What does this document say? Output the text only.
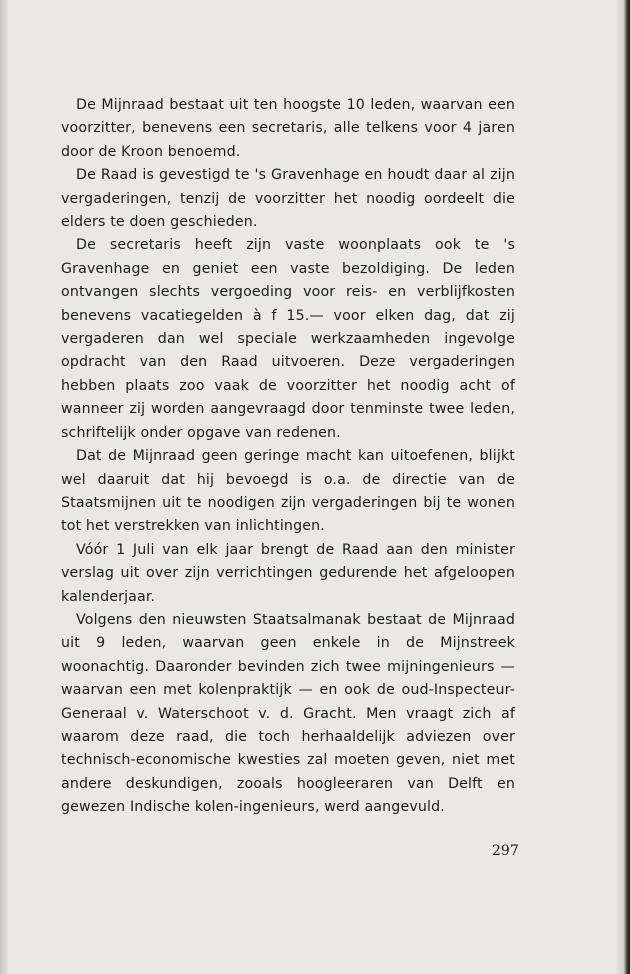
De Mijnraad bestaat uit ten hoogste 10 leden, waarvan een voorzitter, benevens een secretaris, alle telkens voor 4 jaren door de Kroon benoemd.

De Raad is gevestigd te 's Gravenhage en houdt daar al zijn vergaderingen, tenzij de voorzitter het noodig oordeelt die elders te doen geschieden.

De secretaris heeft zijn vaste woonplaats ook te 's Gravenhage en geniet een vaste bezoldiging. De leden ontvangen slechts vergoeding voor reis- en verblijfkosten benevens vacatiegelden à f 15.— voor elken dag, dat zij vergaderen dan wel speciale werkzaamheden ingevolge opdracht van den Raad uitvoeren. Deze vergaderingen hebben plaats zoo vaak de voorzitter het noodig acht of wanneer zij worden aangevraagd door tenminste twee leden, schriftelijk onder opgave van redenen.

Dat de Mijnraad geen geringe macht kan uitoefenen, blijkt wel daaruit dat hij bevoegd is o.a. de directie van de Staatsmijnen uit te noodigen zijn vergaderingen bij te wonen tot het verstrekken van inlichtingen.

Vóór 1 Juli van elk jaar brengt de Raad aan den minister verslag uit over zijn verrichtingen gedurende het afgeloopen kalenderjaar.

Volgens den nieuwsten Staatsalmanak bestaat de Mijnraad uit 9 leden, waarvan geen enkele in de Mijnstreek woonachtig. Daaronder bevinden zich twee mijningenieurs — waarvan een met kolenpraktijk — en ook de oud-Inspecteur-Generaal v. Waterschoot v. d. Gracht. Men vraagt zich af waarom deze raad, die toch herhaaldelijk adviezen over technisch-economische kwesties zal moeten geven, niet met andere deskundigen, zooals hoogleeraren van Delft en gewezen Indische kolen-ingenieurs, werd aangevuld.

297
